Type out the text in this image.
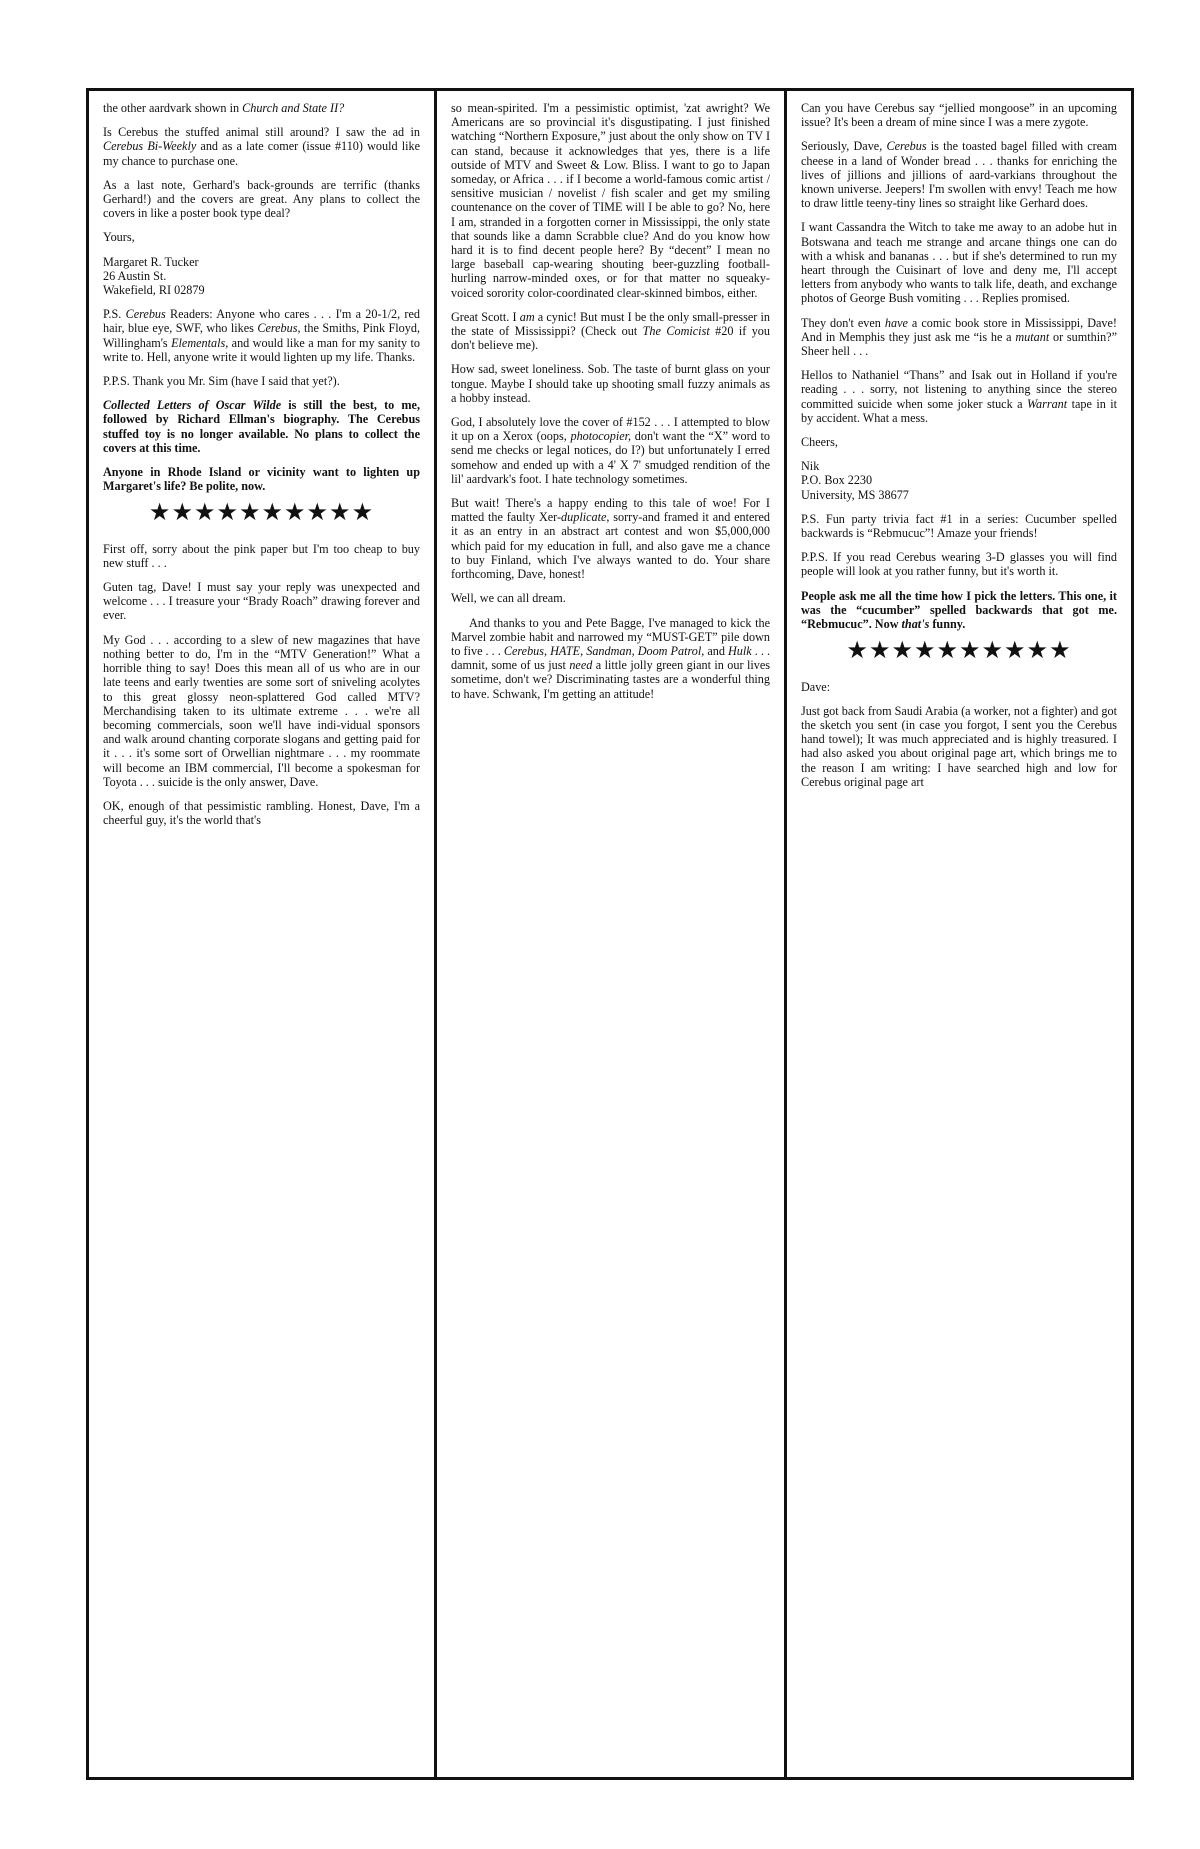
the other aardvark shown in Church and State II?

Is Cerebus the stuffed animal still around? I saw the ad in Cerebus Bi-Weekly and as a late comer (issue #110) would like my chance to purchase one.

As a last note, Gerhard's back-grounds are terrific (thanks Gerhard!) and the covers are great. Any plans to collect the covers in like a poster book type deal?

Yours,

Margaret R. Tucker

26 Austin St.

Wakefield, RI 02879

P.S. Cerebus Readers: Anyone who cares . . . I'm a 20-1/2, red hair, blue eye, SWF, who likes Cerebus, the Smiths, Pink Floyd, Willingham's Elementals, and would like a man for my sanity to write to. Hell, anyone write it would lighten up my life. Thanks.

P.P.S. Thank you Mr. Sim (have I said that yet?).

Collected Letters of Oscar Wilde is still the best, to me, followed by Richard Ellman's biography. The Cerebus stuffed toy is no longer available. No plans to collect the covers at this time.

Anyone in Rhode Island or vicinity want to lighten up Margaret's life? Be polite, now.

★★★★★★★★★★

First off, sorry about the pink paper but I'm too cheap to buy new stuff . . .

Guten tag, Dave! I must say your reply was unexpected and welcome . . . I treasure your “Brady Roach” drawing forever and ever.

My God . . . according to a slew of new magazines that have nothing better to do, I'm in the “MTV Generation!” What a horrible thing to say! Does this mean all of us who are in our late teens and early twenties are some sort of sniveling acolytes to this great glossy neon-splattered God called MTV? Merchandising taken to its ultimate extreme . . . we're all becoming commercials, soon we'll have indi-vidual sponsors and walk around chanting corporate slogans and getting paid for it . . . it's some sort of Orwellian nightmare . . . my roommate will become an IBM commercial, I'll become a spokesman for Toyota . . . suicide is the only answer, Dave.

OK, enough of that pessimistic rambling. Honest, Dave, I'm a cheerful guy, it's the world that's

so mean-spirited. I'm a pessimistic optimist, 'zat awright? We Americans are so provincial it's disgustipating. I just finished watching “Northern Exposure,” just about the only show on TV I can stand, because it acknowledges that yes, there is a life outside of MTV and Sweet & Low. Bliss. I want to go to Japan someday, or Africa . . . if I become a world-famous comic artist / sensitive musician / novelist / fish scaler and get my smiling countenance on the cover of TIME will I be able to go? No, here I am, stranded in a forgotten corner in Mississippi, the only state that sounds like a damn Scrabble clue? And do you know how hard it is to find decent people here? By “decent” I mean no large baseball cap-wearing shouting beer-guzzling football-hurling narrow-minded oxes, or for that matter no squeaky-voiced sorority color-coordinated clear-skinned bimbos, either.

Great Scott. I am a cynic! But must I be the only small-presser in the state of Mississippi? (Check out The Comicist #20 if you don't believe me).

How sad, sweet loneliness. Sob. The taste of burnt glass on your tongue. Maybe I should take up shooting small fuzzy animals as a hobby instead.

God, I absolutely love the cover of #152 . . . I attempted to blow it up on a Xerox (oops, photocopier, don't want the “X” word to send me checks or legal notices, do I?) but unfortunately I erred somehow and ended up with a 4' X 7' smudged rendition of the lil' aardvark's foot. I hate technology sometimes.

But wait! There's a happy ending to this tale of woe! For I matted the faulty Xer-duplicate, sorry-and framed it and entered it as an entry in an abstract art contest and won $5,000,000 which paid for my education in full, and also gave me a chance to buy Finland, which I've always wanted to do. Your share forthcoming, Dave, honest!

Well, we can all dream.

And thanks to you and Pete Bagge, I've managed to kick the Marvel zombie habit and narrowed my “MUST-GET” pile down to five . . . Cerebus, HATE, Sandman, Doom Patrol, and Hulk . . . damnit, some of us just need a little jolly green giant in our lives sometime, don't we? Discriminating tastes are a wonderful thing to have. Schwank, I'm getting an attitude!

Can you have Cerebus say “jellied mongoose” in an upcoming issue? It's been a dream of mine since I was a mere zygote.

Seriously, Dave, Cerebus is the toasted bagel filled with cream cheese in a land of Wonder bread . . . thanks for enriching the lives of jillions and jillions of aard-varkians throughout the known universe. Jeepers! I'm swollen with envy! Teach me how to draw little teeny-tiny lines so straight like Gerhard does.

I want Cassandra the Witch to take me away to an adobe hut in Botswana and teach me strange and arcane things one can do with a whisk and bananas . . . but if she's determined to run my heart through the Cuisinart of love and deny me, I'll accept letters from anybody who wants to talk life, death, and exchange photos of George Bush vomiting . . . Replies promised.

They don't even have a comic book store in Mississippi, Dave! And in Memphis they just ask me “is he a mutant or sumthin?” Sheer hell . . .

Hellos to Nathaniel “Thans” and Isak out in Holland if you're reading . . . sorry, not listening to anything since the stereo committed suicide when some joker stuck a Warrant tape in it by accident. What a mess.

Cheers,

Nik

P.O. Box 2230

University, MS 38677

P.S. Fun party trivia fact #1 in a series: Cucumber spelled backwards is “Rebmucuc”! Amaze your friends!

P.P.S. If you read Cerebus wearing 3-D glasses you will find people will look at you rather funny, but it's worth it.

People ask me all the time how I pick the letters. This one, it was the “cucumber” spelled backwards that got me. “Rebmucuc”. Now that's funny.

★★★★★★★★★★

Dave:

Just got back from Saudi Arabia (a worker, not a fighter) and got the sketch you sent (in case you forgot, I sent you the Cerebus hand towel); It was much appreciated and is highly treasured. I had also asked you about original page art, which brings me to the reason I am writing: I have searched high and low for Cerebus original page art
